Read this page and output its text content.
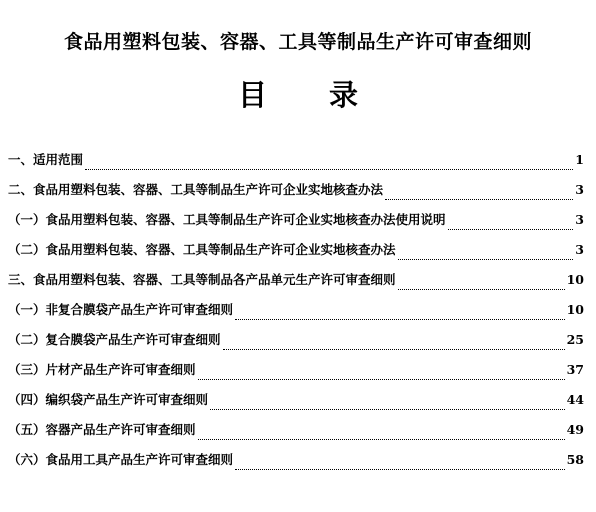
食品用塑料包装、容器、工具等制品生产许可审查细则
目 录
一、适用范围	1
二、食品用塑料包装、容器、工具等制品生产许可企业实地核查办法	3
（一）食品用塑料包装、容器、工具等制品生产许可企业实地核查办法使用说明	3
（二）食品用塑料包装、容器、工具等制品生产许可企业实地核查办法	3
三、食品用塑料包装、容器、工具等制品各产品单元生产许可审查细则	10
（一）非复合膜袋产品生产许可审查细则	10
（二）复合膜袋产品生产许可审查细则	25
（三）片材产品生产许可审查细则	37
（四）编织袋产品生产许可审查细则	44
（五）容器产品生产许可审查细则	49
（六）食品用工具产品生产许可审查细则	58
